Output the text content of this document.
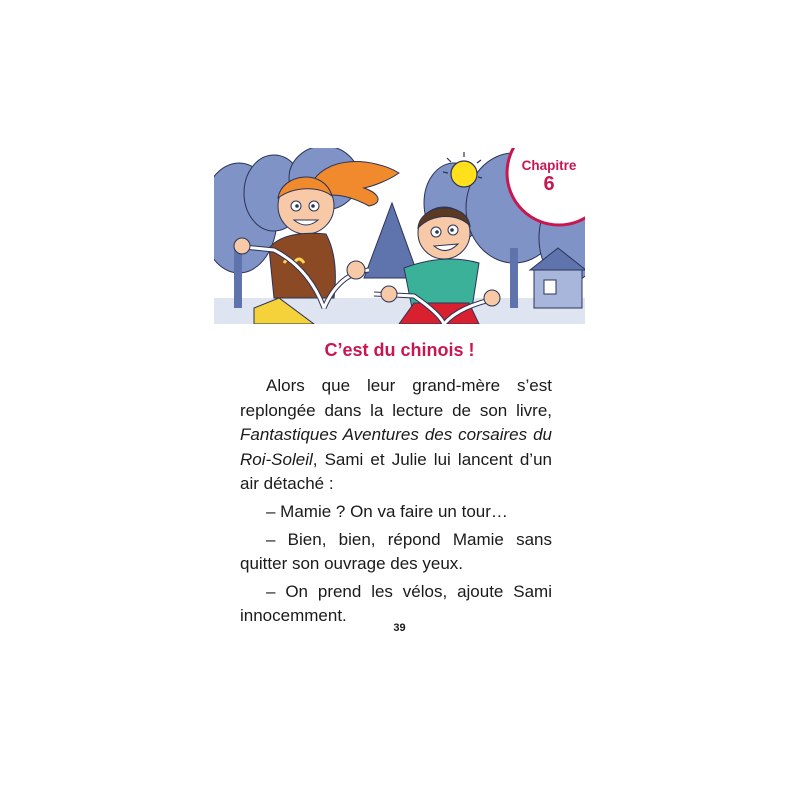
Chapitre
6
C’est du chinois !

Alors que leur grand-mère s’est replongée dans la lecture de son livre, Fantastiques Aventures des corsaires du Roi-Soleil, Sami et Julie lui lancent d’un air détaché :

– Mamie ? On va faire un tour…

– Bien, bien, répond Mamie sans quitter son ouvrage des yeux.

– On prend les vélos, ajoute Sami innocemment.

39
